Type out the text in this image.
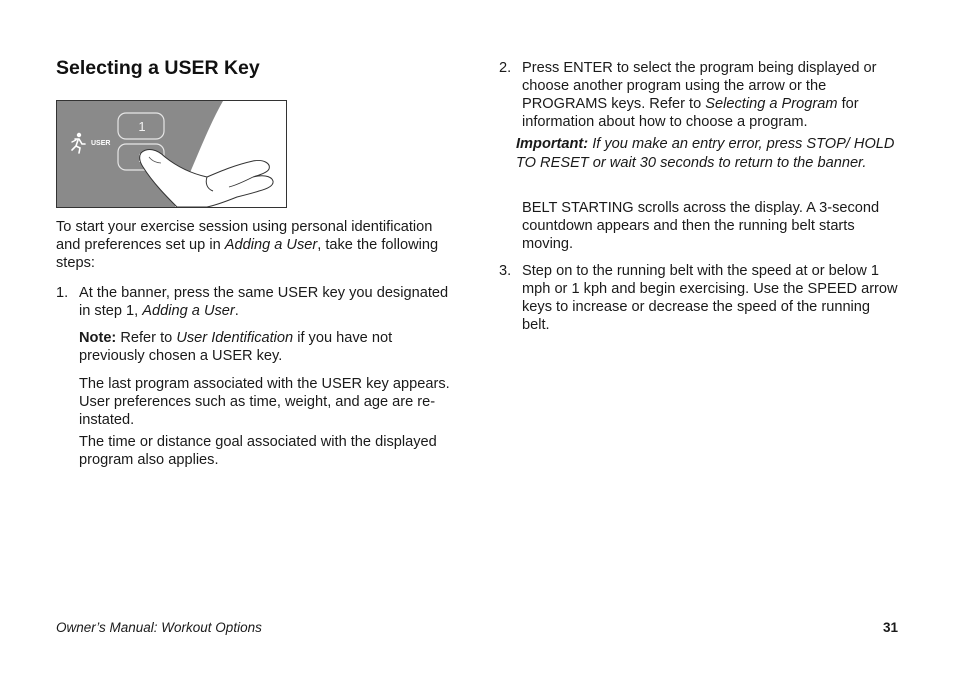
Selecting a USER Key
1
USER

To start your exercise session using personal identification and preferences set up in Adding a User, take the following steps:

1. At the banner, press the same USER key you designated in step 1, Adding a User.

Note: Refer to User Identification if you have not previously chosen a USER key.

The last program associated with the USER key appears. User preferences such as time, weight, and age are re-instated.

The time or distance goal associated with the displayed program also applies.

2. Press ENTER to select the program being displayed or choose another program using the arrow or the PROGRAMS keys. Refer to Selecting a Program for information about how to choose a program.

Important: If you make an entry error, press STOP/ HOLD TO RESET or wait 30 seconds to return to the banner.

BELT STARTING scrolls across the display. A 3-second countdown appears and then the running belt starts moving.

3. Step on to the running belt with the speed at or below 1 mph or 1 kph and begin exercising. Use the SPEED arrow keys to increase or decrease the speed of the running belt.

Owner’s Manual: Workout Options	31
